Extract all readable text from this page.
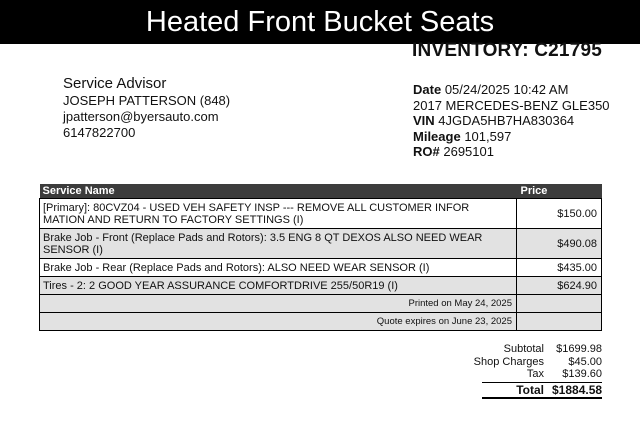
Heated Front Bucket Seats
INVENTORY: C21795
Service Advisor
JOSEPH PATTERSON (848)
jpatterson@byersauto.com
6147822700
Date 05/24/2025 10:42 AM
2017 MERCEDES-BENZ GLE350
VIN 4JGDA5HB7HA830364
Mileage 101,597
RO# 2695101
Service Name	Price
[Primary]: 80CVZ04 - USED VEH SAFETY INSP --- REMOVE ALL CUSTOMER INFOR MATION AND RETURN TO FACTORY SETTINGS (I)	$150.00
Brake Job - Front (Replace Pads and Rotors): 3.5 ENG 8 QT DEXOS ALSO NEED WEAR SENSOR (I)	$490.08
Brake Job - Rear (Replace Pads and Rotors): ALSO NEED WEAR SENSOR (I)	$435.00
Tires - 2: 2 GOOD YEAR ASSURANCE COMFORTDRIVE 255/50R19 (I)	$624.90
Printed on May 24, 2025	
Quote expires on June 23, 2025	
Subtotal	$1699.98
Shop Charges	$45.00
Tax	$139.60
Total $1884.58
